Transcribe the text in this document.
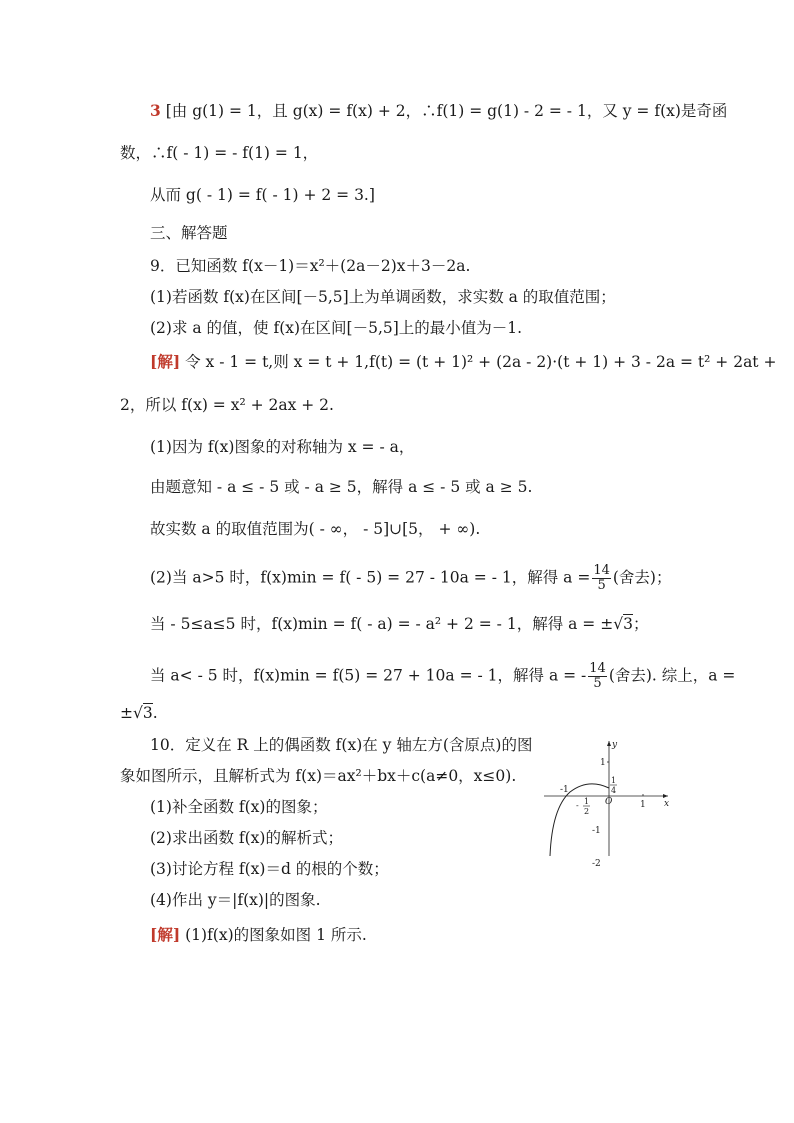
3 [由 g(1) = 1，且 g(x) = f(x) + 2，∴f(1) = g(1) - 2 = - 1，又 y = f(x)是奇函
数，∴f( - 1) = - f(1) = 1，
从而 g( - 1) = f( - 1) + 2 = 3.]
三、解答题
9．已知函数 f(x－1)＝x²＋(2a－2)x＋3－2a.
(1)若函数 f(x)在区间[－5,5]上为单调函数，求实数 a 的取值范围；
(2)求 a 的值，使 f(x)在区间[－5,5]上的最小值为－1.
[解] 令 x - 1 = t,则 x = t + 1,f(t) = (t + 1)² + (2a - 2)·(t + 1) + 3 - 2a = t² + 2at +
2，所以 f(x) = x² + 2ax + 2.
(1)因为 f(x)图象的对称轴为 x = - a，
由题意知 - a ≤ - 5 或 - a ≥ 5，解得 a ≤ - 5 或 a ≥ 5.
故实数 a 的取值范围为( - ∞， - 5]∪[5， + ∞).
(2)当 a>5 时，f(x)min = f( - 5) = 27 - 10a = - 1，解得 $a = \frac{14}{5}$ (舍去)；
当 - 5≤a≤5 时，f(x)min = f( - a) = - a² + 2 = - 1，解得 a = ±√3；
当 a< - 5 时，f(x)min = f(5) = 27 + 10a = - 1，解得 a = - $\frac{14}{5}$ (舍去). 综上，a =
±√3.
10．定义在 R 上的偶函数 f(x)在 y 轴左方(含原点)的图
象如图所示，且解析式为 f(x)＝ax²＋bx＋c(a≠0，x≤0).
(1)补全函数 f(x)的图象；
(2)求出函数 f(x)的解析式；
(3)讨论方程 f(x)＝d 的根的个数；
(4)作出 y＝|f(x)|的图象.
[解] (1)f(x)的图象如图 1 所示.
y
x
O
1
-1
-2
1
-1
1
4
- 1
2
